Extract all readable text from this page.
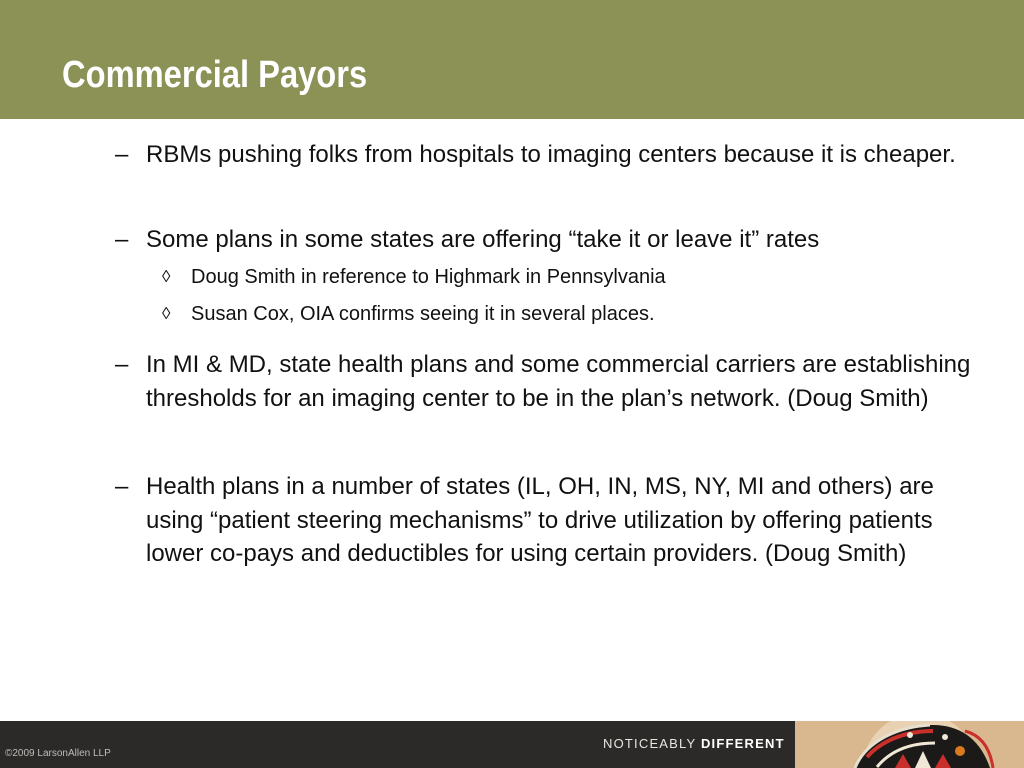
Commercial Payors
– RBMs pushing folks from hospitals to imaging centers because it is cheaper.
– Some plans in some states are offering “take it or leave it” rates
◊ Doug Smith in reference to Highmark in Pennsylvania
◊ Susan Cox, OIA confirms seeing it in several places.
– In MI & MD, state health plans and some commercial carriers are establishing thresholds for an imaging center to be in the plan’s network. (Doug Smith)
– Health plans in a number of states (IL, OH, IN, MS, NY, MI and others) are using “patient steering mechanisms” to drive utilization by offering patients lower co-pays and deductibles for using certain providers. (Doug Smith)
©2009 LarsonAllen LLP
NOTICEABLY DIFFERENT
